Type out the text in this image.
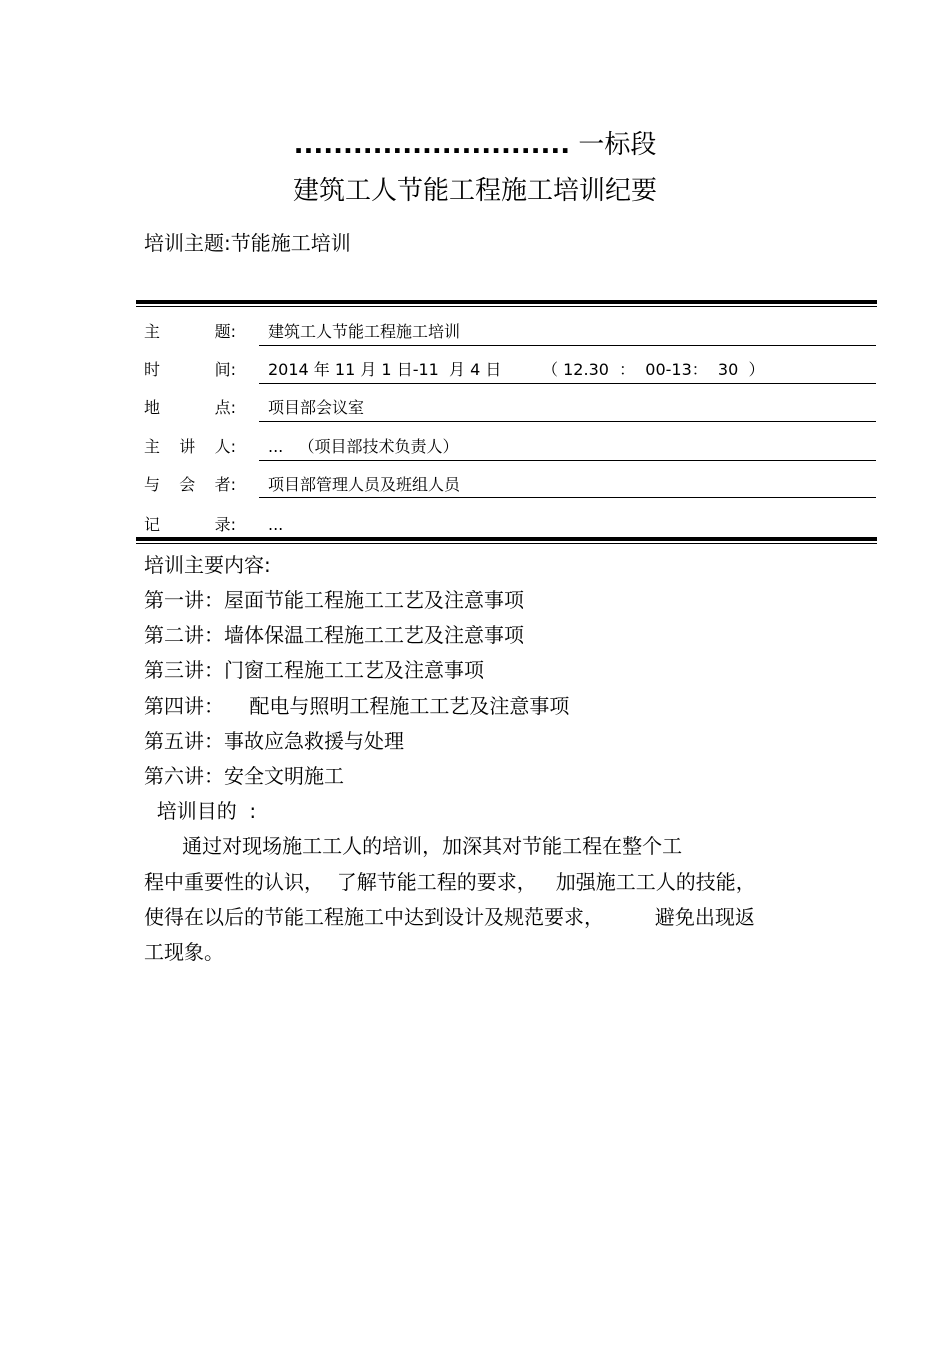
............................ 一标段
建筑工人节能工程施工培训纪要
培训主题:节能施工培训
主	题: 建筑工人节能工程施工培训
时	间: 2014 年 11 月 1 日-11  月 4 日        （ 12.30  ：  00-13：  30  ）
地	点: 项目部会议室
主 讲 人: ...   （项目部技术负责人）
与 会 者: 项目部管理人员及班组人员
记	录: ...
培训主要内容:
第一讲：屋面节能工程施工工艺及注意事项
第二讲：墙体保温工程施工工艺及注意事项
第三讲：门窗工程施工工艺及注意事项
第四讲：    配电与照明工程施工工艺及注意事项
第五讲：事故应急救援与处理
第六讲：安全文明施工
培训目的  :
通过对现场施工工人的培训，加深其对节能工程在整个工
程中重要性的认识，  了解节能工程的要求，   加强施工工人的技能，
使得在以后的节能工程施工中达到设计及规范要求，        避免出现返
工现象。
